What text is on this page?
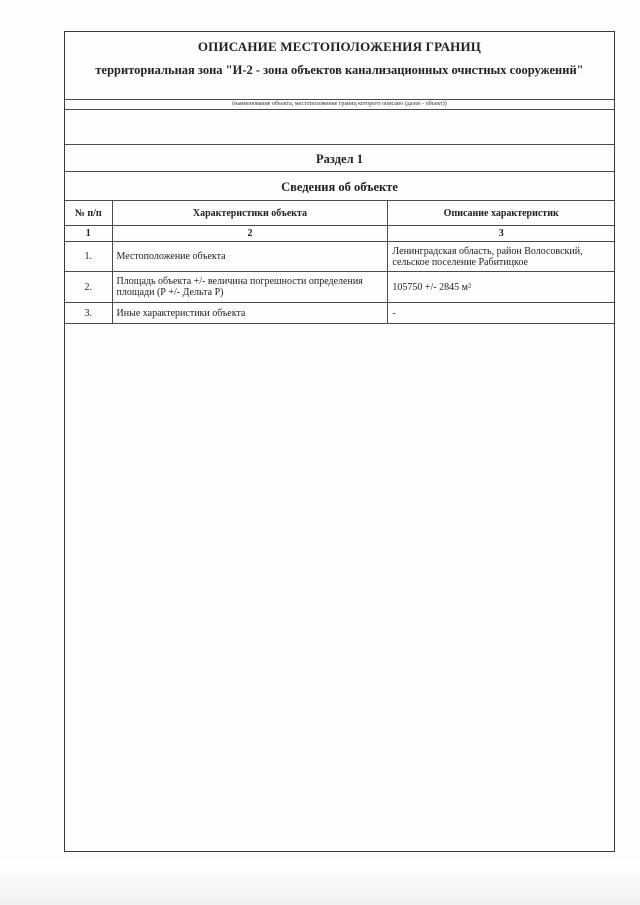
ОПИСАНИЕ МЕСТОПОЛОЖЕНИЯ ГРАНИЦ
территориальная зона "И-2 - зона объектов канализационных очистных сооружений"
(наименование объекта, местоположение границ которого описано (далее - объект))
Раздел 1
Сведения об объекте
№ п/п	Характеристики объекта	Описание характеристик
1	2	3
1.	Местоположение объекта	Ленинградская область, район Волосовский, сельское поселение Рабитицкое
2.	Площадь объекта +/- величина погрешности определения площади (Р +/- Дельта Р)	105750 +/- 2845 м²
3.	Иные характеристики объекта	-
